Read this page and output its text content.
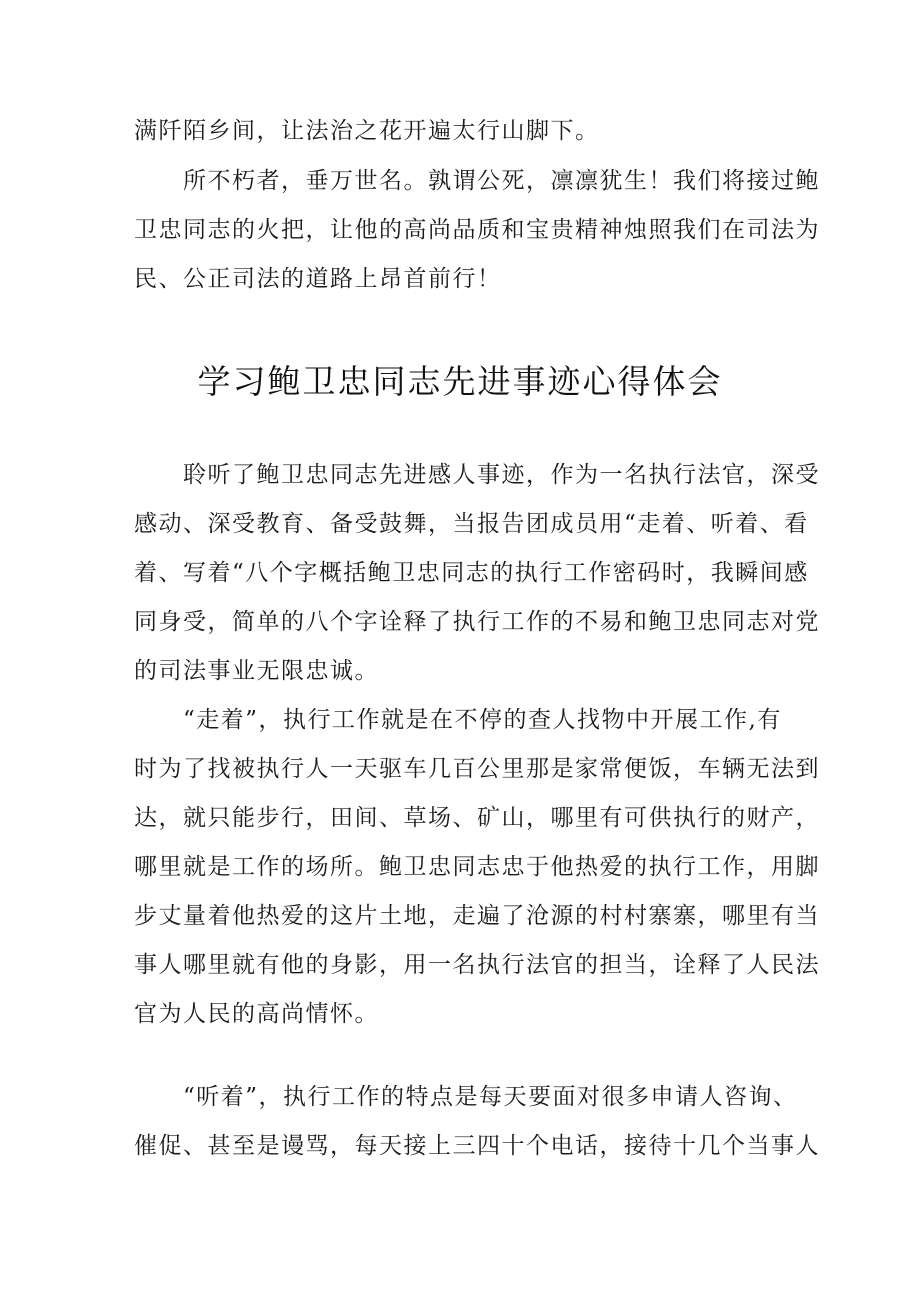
满阡陌乡间，让法治之花开遍太行山脚下。
所不朽者，垂万世名。孰谓公死，凛凛犹生！我们将接过鲍
卫忠同志的火把，让他的高尚品质和宝贵精神烛照我们在司法为
民、公正司法的道路上昂首前行！
学习鲍卫忠同志先进事迹心得体会
聆听了鲍卫忠同志先进感人事迹，作为一名执行法官，深受
感动、深受教育、备受鼓舞，当报告团成员用“走着、听着、看
着、写着“八个字概括鲍卫忠同志的执行工作密码时，我瞬间感
同身受，简单的八个字诠释了执行工作的不易和鲍卫忠同志对党
的司法事业无限忠诚。
“走着”，执行工作就是在不停的查人找物中开展工作,有
时为了找被执行人一天驱车几百公里那是家常便饭，车辆无法到
达，就只能步行，田间、草场、矿山，哪里有可供执行的财产，
哪里就是工作的场所。鲍卫忠同志忠于他热爱的执行工作，用脚
步丈量着他热爱的这片土地，走遍了沧源的村村寨寨，哪里有当
事人哪里就有他的身影，用一名执行法官的担当，诠释了人民法
官为人民的高尚情怀。
“听着”，执行工作的特点是每天要面对很多申请人咨询、
催促、甚至是谩骂，每天接上三四十个电话，接待十几个当事人
